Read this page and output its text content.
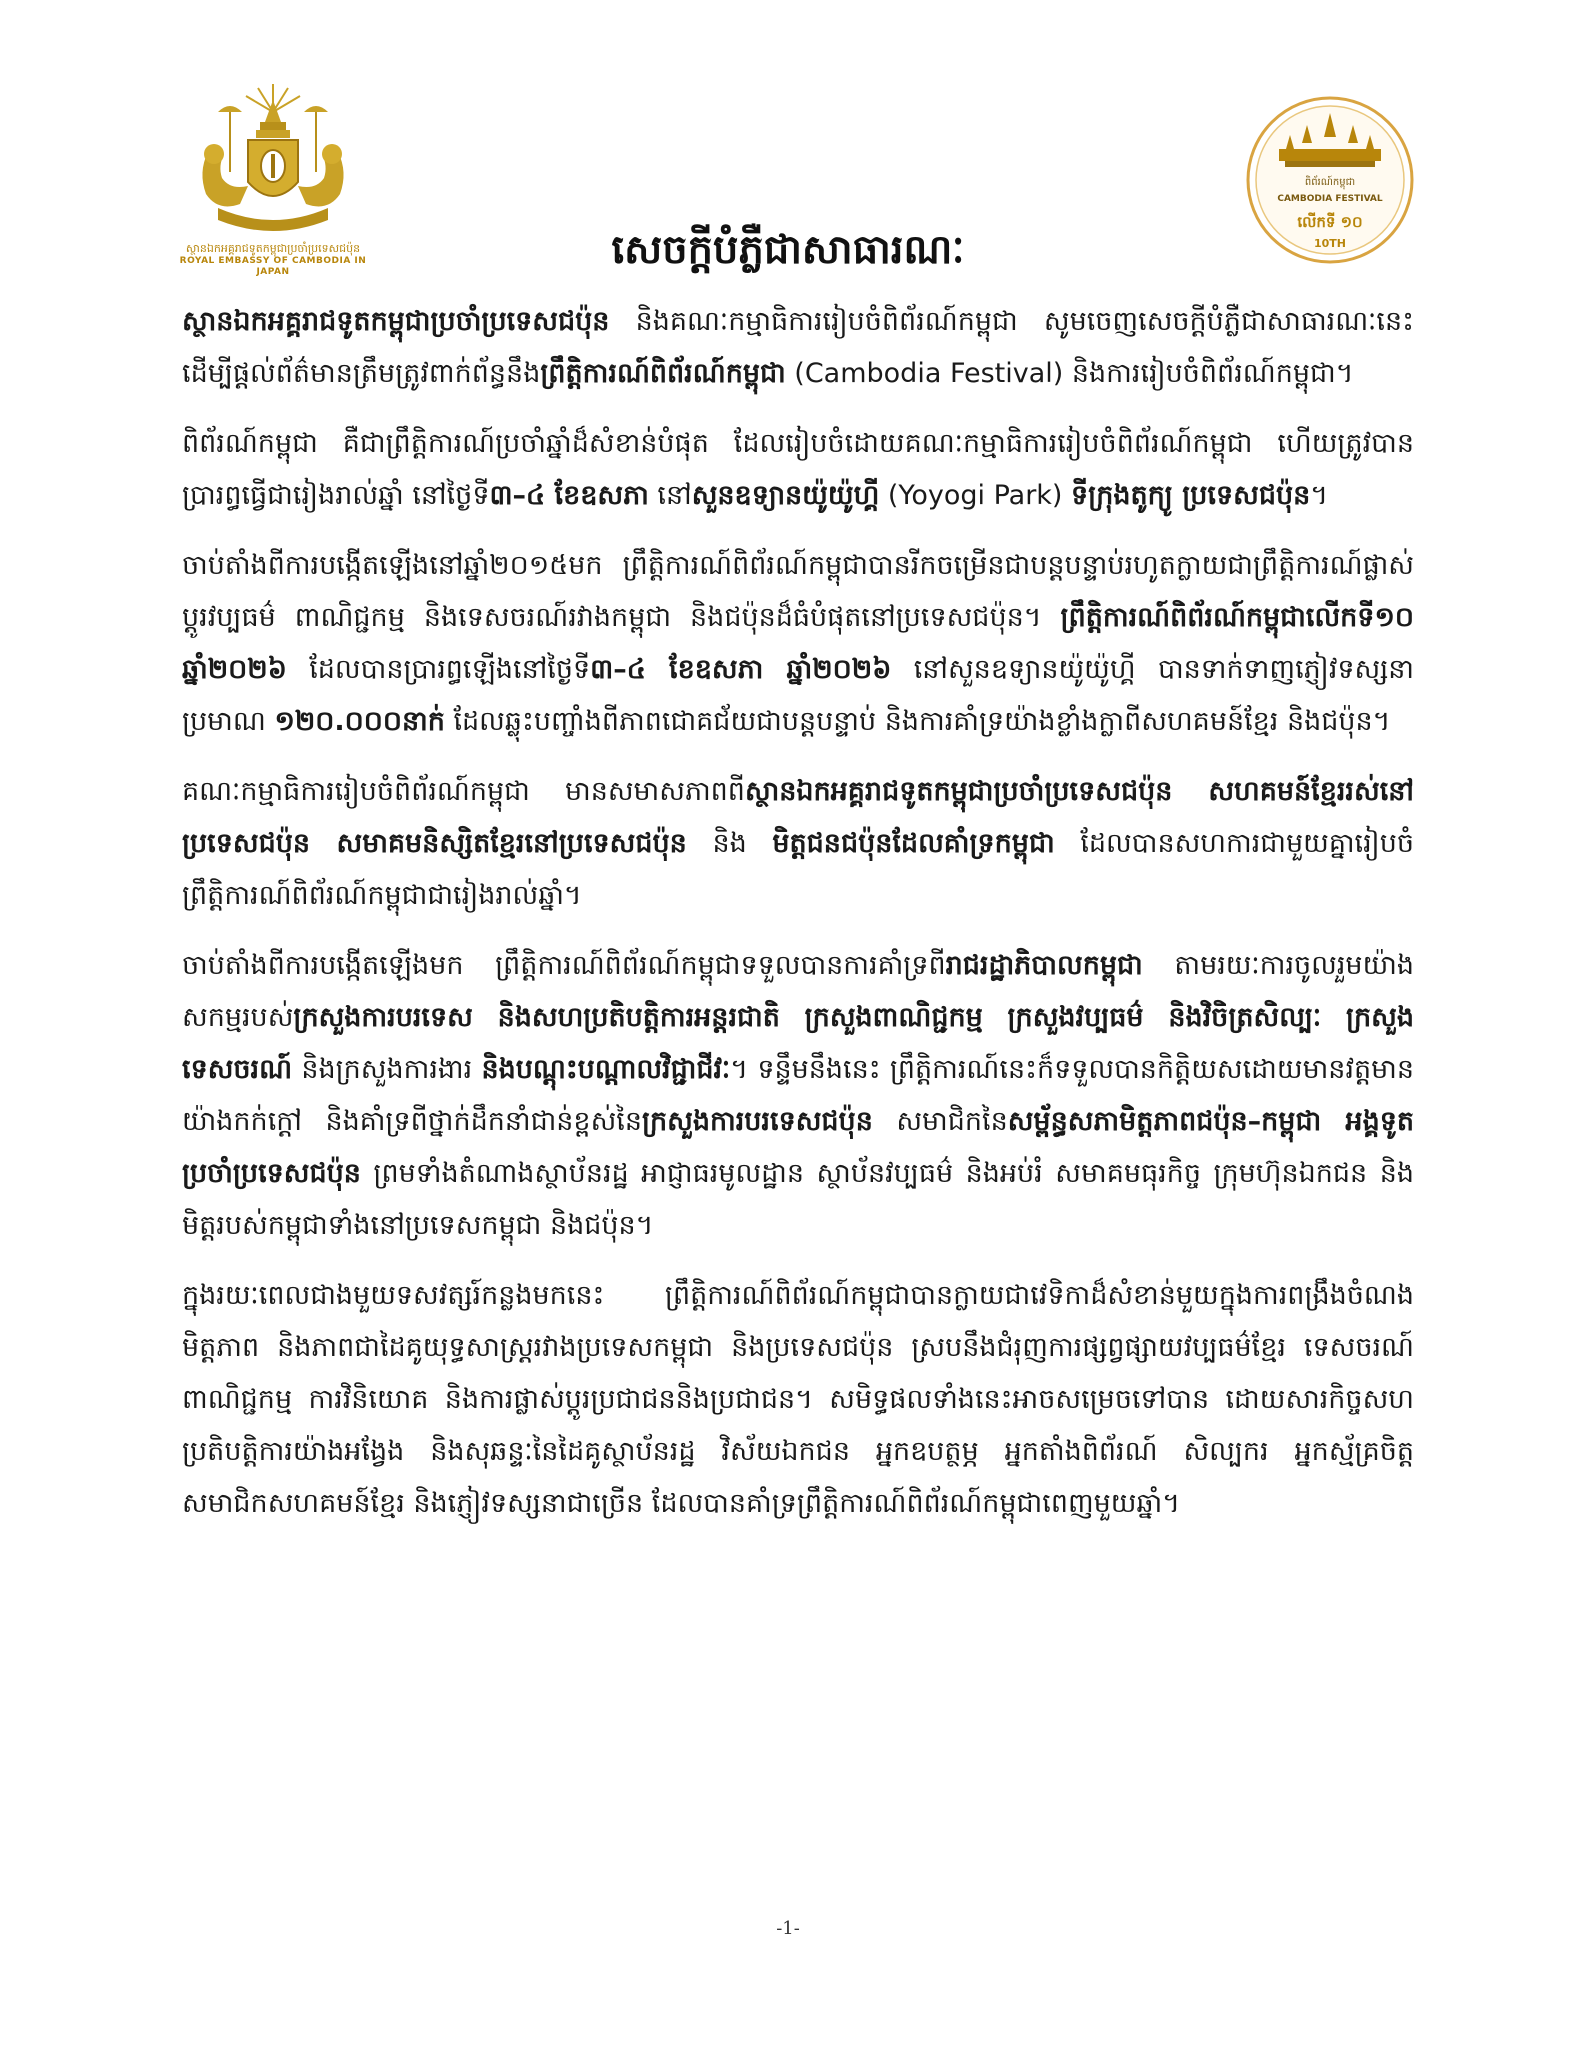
ស្ថានឯកអគ្គរាជទូតកម្ពុជាប្រចាំប្រទេសជប៉ុន
ROYAL EMBASSY OF CAMBODIA IN JAPAN
ពិព័រណ៍កម្ពុជា
CAMBODIA FESTIVAL
លើកទី ១០
10TH
សេចក្ដីបំភ្លឺជាសាធារណៈ

ស្ថានឯកអគ្គរាជទូតកម្ពុជាប្រចាំប្រទេសជប៉ុន និងគណៈកម្មាធិការរៀបចំពិព័រណ៍កម្ពុជា សូមចេញសេចក្ដីបំភ្លឺជាសាធារណៈនេះ ដើម្បីផ្ដល់ព័ត៌មានត្រឹមត្រូវពាក់ព័ន្ធនឹងព្រឹត្តិការណ៍ពិព័រណ៍កម្ពុជា (Cambodia Festival) និងការរៀបចំពិព័រណ៍កម្ពុជា។

ពិព័រណ៍កម្ពុជា គឺជាព្រឹត្តិការណ៍ប្រចាំឆ្នាំដ៏សំខាន់បំផុត ដែលរៀបចំដោយគណៈកម្មាធិការរៀបចំពិព័រណ៍កម្ពុជា ហើយត្រូវបានប្រារព្ធធ្វើជារៀងរាល់ឆ្នាំ នៅថ្ងៃទី៣–៤ ខែឧសភា នៅសួនឧទ្យានយ៉ូយ៉ូហ្គី (Yoyogi Park) ទីក្រុងតូក្យូ ប្រទេសជប៉ុន។

ចាប់តាំងពីការបង្កើតឡើងនៅឆ្នាំ២០១៥មក ព្រឹត្តិការណ៍ពិព័រណ៍កម្ពុជាបានរីកចម្រើនជាបន្តបន្ទាប់រហូតក្លាយជាព្រឹត្តិការណ៍ផ្លាស់ប្ដូរវប្បធម៌ ពាណិជ្ជកម្ម និងទេសចរណ៍រវាងកម្ពុជា និងជប៉ុនដ៏ធំបំផុតនៅប្រទេសជប៉ុន។ ព្រឹត្តិការណ៍ពិព័រណ៍កម្ពុជាលើកទី១០ ឆ្នាំ២០២៦ ដែលបានប្រារព្ធឡើងនៅថ្ងៃទី៣–៤ ខែឧសភា ឆ្នាំ២០២៦ នៅសួនឧទ្យានយ៉ូយ៉ូហ្គី បានទាក់ទាញភ្ញៀវទស្សនាប្រមាណ ១២០.០០០នាក់ ដែលឆ្លុះបញ្ចាំងពីភាពជោគជ័យជាបន្តបន្ទាប់ និងការគាំទ្រយ៉ាងខ្លាំងក្លាពីសហគមន៍ខ្មែរ និងជប៉ុន។

គណៈកម្មាធិការរៀបចំពិព័រណ៍កម្ពុជា មានសមាសភាពពីស្ថានឯកអគ្គរាជទូតកម្ពុជាប្រចាំប្រទេសជប៉ុន សហគមន៍ខ្មែររស់នៅប្រទេសជប៉ុន សមាគមនិស្សិតខ្មែរនៅប្រទេសជប៉ុន និង មិត្តជនជប៉ុនដែលគាំទ្រកម្ពុជា ដែលបានសហការជាមួយគ្នារៀបចំព្រឹត្តិការណ៍ពិព័រណ៍កម្ពុជាជារៀងរាល់ឆ្នាំ។

ចាប់តាំងពីការបង្កើតឡើងមក ព្រឹត្តិការណ៍ពិព័រណ៍កម្ពុជាទទួលបានការគាំទ្រពីរាជរដ្ឋាភិបាលកម្ពុជា តាមរយៈការចូលរួមយ៉ាងសកម្មរបស់ក្រសួងការបរទេស និងសហប្រតិបត្តិការអន្តរជាតិ ក្រសួងពាណិជ្ជកម្ម ក្រសួងវប្បធម៌ និងវិចិត្រសិល្បៈ ក្រសួងទេសចរណ៍ និងក្រសួងការងារ និងបណ្ដុះបណ្ដាលវិជ្ជាជីវៈ។ ទន្ទឹមនឹងនេះ ព្រឹត្តិការណ៍នេះក៏ទទួលបានកិត្តិយសដោយមានវត្តមានយ៉ាងកក់ក្ដៅ និងគាំទ្រពីថ្នាក់ដឹកនាំជាន់ខ្ពស់នៃក្រសួងការបរទេសជប៉ុន សមាជិកនៃសម្ព័ន្ធសភាមិត្តភាពជប៉ុន–កម្ពុជា អង្គទូតប្រចាំប្រទេសជប៉ុន ព្រមទាំងតំណាងស្ថាប័នរដ្ឋ អាជ្ញាធរមូលដ្ឋាន ស្ថាប័នវប្បធម៌ និងអប់រំ សមាគមធុរកិច្ច ក្រុមហ៊ុនឯកជន និងមិត្តរបស់កម្ពុជាទាំងនៅប្រទេសកម្ពុជា និងជប៉ុន។

ក្នុងរយៈពេលជាងមួយទសវត្សរ៍កន្លងមកនេះ ព្រឹត្តិការណ៍ពិព័រណ៍កម្ពុជាបានក្លាយជាវេទិកាដ៏សំខាន់មួយក្នុងការពង្រឹងចំណងមិត្តភាព និងភាពជាដៃគូយុទ្ធសាស្ត្ររវាងប្រទេសកម្ពុជា និងប្រទេសជប៉ុន ស្របនឹងជំរុញការផ្សព្វផ្សាយវប្បធម៌ខ្មែរ ទេសចរណ៍ ពាណិជ្ជកម្ម ការវិនិយោគ និងការផ្លាស់ប្ដូរប្រជាជននិងប្រជាជន។ សមិទ្ធផលទាំងនេះអាចសម្រេចទៅបាន ដោយសារកិច្ចសហប្រតិបត្តិការយ៉ាងអង្វែង និងសុឆន្ទៈនៃដៃគូស្ថាប័នរដ្ឋ វិស័យឯកជន អ្នកឧបត្ថម្ភ អ្នកតាំងពិព័រណ៍ សិល្បករ អ្នកស្ម័គ្រចិត្ត សមាជិកសហគមន៍ខ្មែរ និងភ្ញៀវទស្សនាជាច្រើន ដែលបានគាំទ្រព្រឹត្តិការណ៍ពិព័រណ៍កម្ពុជាពេញមួយឆ្នាំ។

-1-
